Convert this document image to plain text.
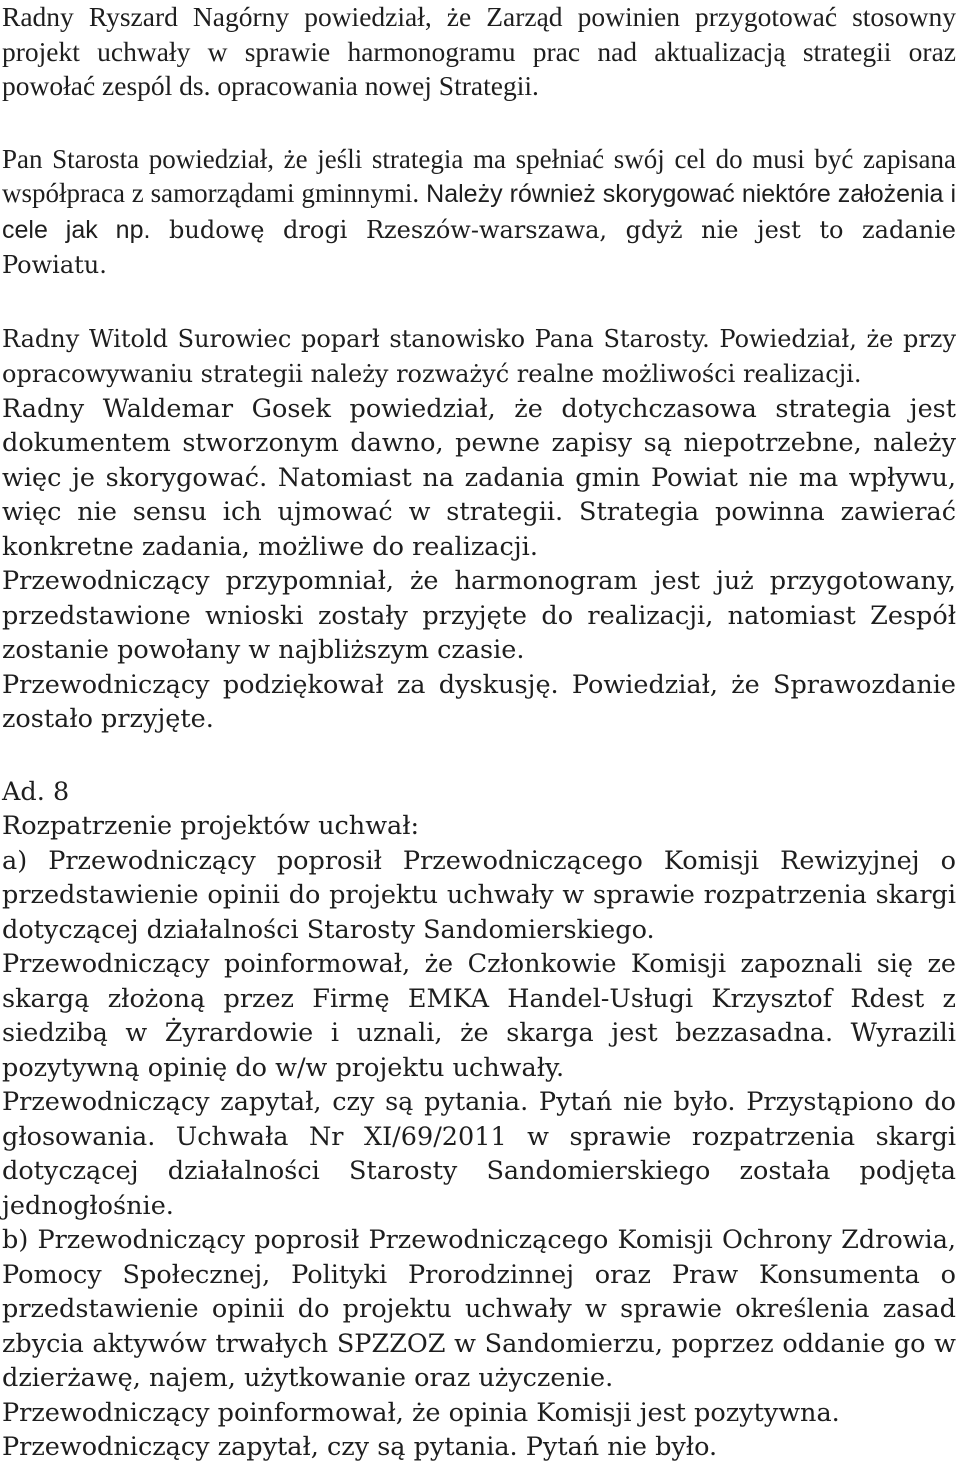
Radny Ryszard Nagórny powiedział, że Zarząd powinien przygotować stosowny projekt uchwały w sprawie harmonogramu prac nad aktualizacją strategii oraz powołać zespól ds. opracowania nowej Strategii.

Pan Starosta powiedział, że jeśli strategia ma spełniać swój cel do musi być zapisana współpraca z samorządami gminnymi. Należy również skorygować niektóre założenia i cele jak np. budowę drogi Rzeszów-warszawa, gdyż nie jest to zadanie Powiatu.

Radny Witold Surowiec poparł stanowisko Pana Starosty. Powiedział, że przy opracowywaniu strategii należy rozważyć realne możliwości realizacji.

Radny Waldemar Gosek powiedział, że dotychczasowa strategia jest dokumentem stworzonym dawno, pewne zapisy są niepotrzebne, należy więc je skorygować. Natomiast na zadania gmin Powiat nie ma wpływu, więc nie sensu ich ujmować w strategii. Strategia powinna zawierać konkretne zadania, możliwe do realizacji.

Przewodniczący przypomniał, że harmonogram jest już przygotowany, przedstawione wnioski zostały przyjęte do realizacji, natomiast Zespół zostanie powołany w najbliższym czasie.

Przewodniczący podziękował za dyskusję. Powiedział, że Sprawozdanie zostało przyjęte.

Ad. 8

Rozpatrzenie projektów uchwał:

a) Przewodniczący poprosił Przewodniczącego Komisji Rewizyjnej o przedstawienie opinii do projektu uchwały w sprawie rozpatrzenia skargi dotyczącej działalności Starosty Sandomierskiego.

Przewodniczący poinformował, że Członkowie Komisji zapoznali się ze skargą złożoną przez Firmę EMKA Handel-Usługi Krzysztof Rdest z siedzibą w Żyrardowie i uznali, że skarga jest bezzasadna. Wyrazili pozytywną opinię do w/w projektu uchwały.

Przewodniczący zapytał, czy są pytania. Pytań nie było. Przystąpiono do głosowania. Uchwała Nr XI/69/2011 w sprawie rozpatrzenia skargi dotyczącej działalności Starosty Sandomierskiego została podjęta jednogłośnie.

b) Przewodniczący poprosił Przewodniczącego Komisji Ochrony Zdrowia, Pomocy Społecznej, Polityki Prorodzinnej oraz Praw Konsumenta o przedstawienie opinii do projektu uchwały w sprawie określenia zasad zbycia aktywów trwałych SPZZOZ w Sandomierzu, poprzez oddanie go w dzierżawę, najem, użytkowanie oraz użyczenie.

Przewodniczący poinformował, że opinia Komisji jest pozytywna.

Przewodniczący zapytał, czy są pytania. Pytań nie było.
